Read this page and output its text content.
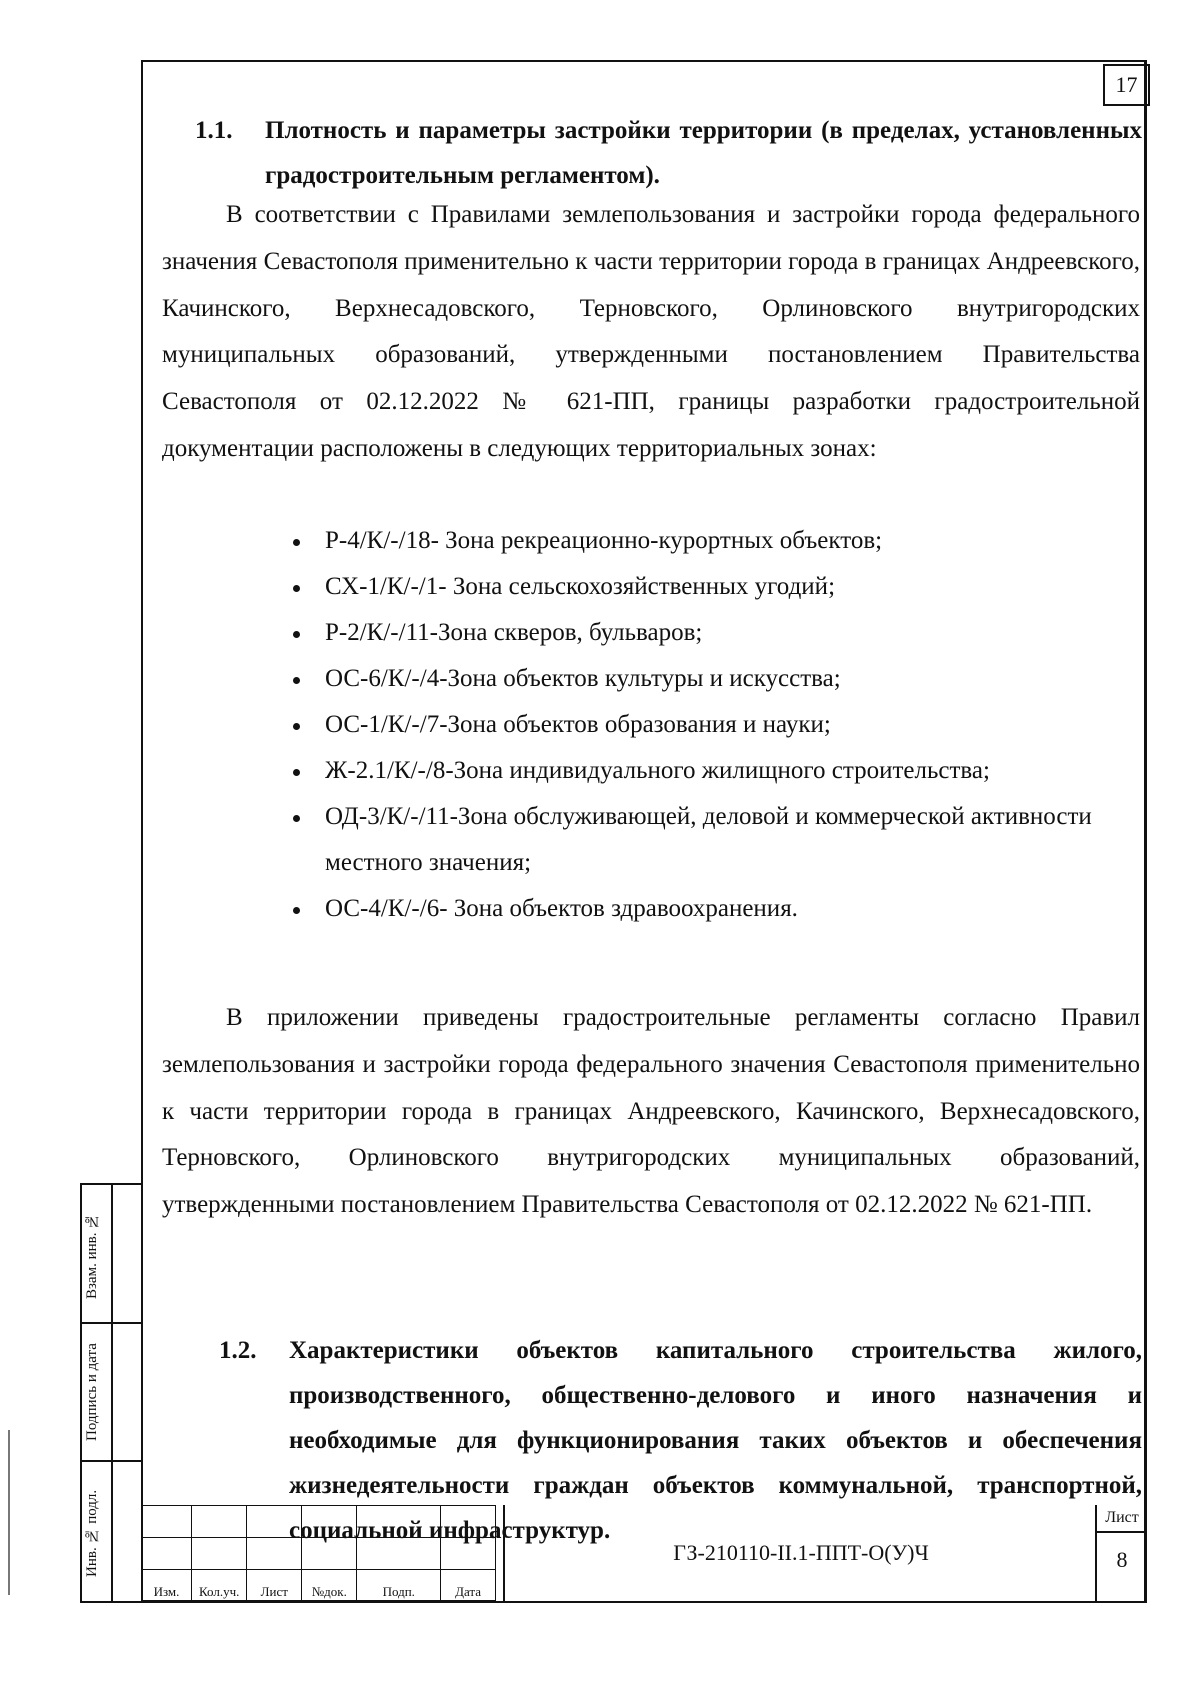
17
1.1. Плотность и параметры застройки территории (в пределах, установленных градостроительным регламентом).

В соответствии с Правилами землепользования и застройки города федерального значения Севастополя применительно к части территории города в границах Андреевского, Качинского, Верхнесадовского, Терновского, Орлиновского внутригородских муниципальных образований, утвержденными постановлением Правительства Севастополя от 02.12.2022 № 621-ПП, границы разработки градостроительной документации расположены в следующих территориальных зонах:

Р-4/К/-/18- Зона рекреационно-курортных объектов;
СХ-1/К/-/1- Зона сельскохозяйственных угодий;
Р-2/К/-/11-Зона скверов, бульваров;
ОС-6/К/-/4-Зона объектов культуры и искусства;
ОС-1/К/-/7-Зона объектов образования и науки;
Ж-2.1/К/-/8-Зона индивидуального жилищного строительства;
ОД-3/К/-/11-Зона обслуживающей, деловой и коммерческой активности местного значения;
ОС-4/К/-/6- Зона объектов здравоохранения.

В приложении приведены градостроительные регламенты согласно Правил землепользования и застройки города федерального значения Севастополя применительно к части территории города в границах Андреевского, Качинского, Верхнесадовского, Терновского, Орлиновского внутригородских муниципальных образований, утвержденными постановлением Правительства Севастополя от 02.12.2022 № 621-ПП.

1.2. Характеристики объектов капитального строительства жилого, производственного, общественно-делового и иного назначения и необходимые для функционирования таких объектов и обеспечения жизнедеятельности граждан объектов коммунальной, транспортной, социальной инфраструктур.
Взам. инв. №
Подпись и дата
Инв. № подл.

Изм.	Кол.уч.	Лист	№док.	Подп.	Дата
ГЗ-210110-II.1-ППТ-О(У)Ч
Лист
8
